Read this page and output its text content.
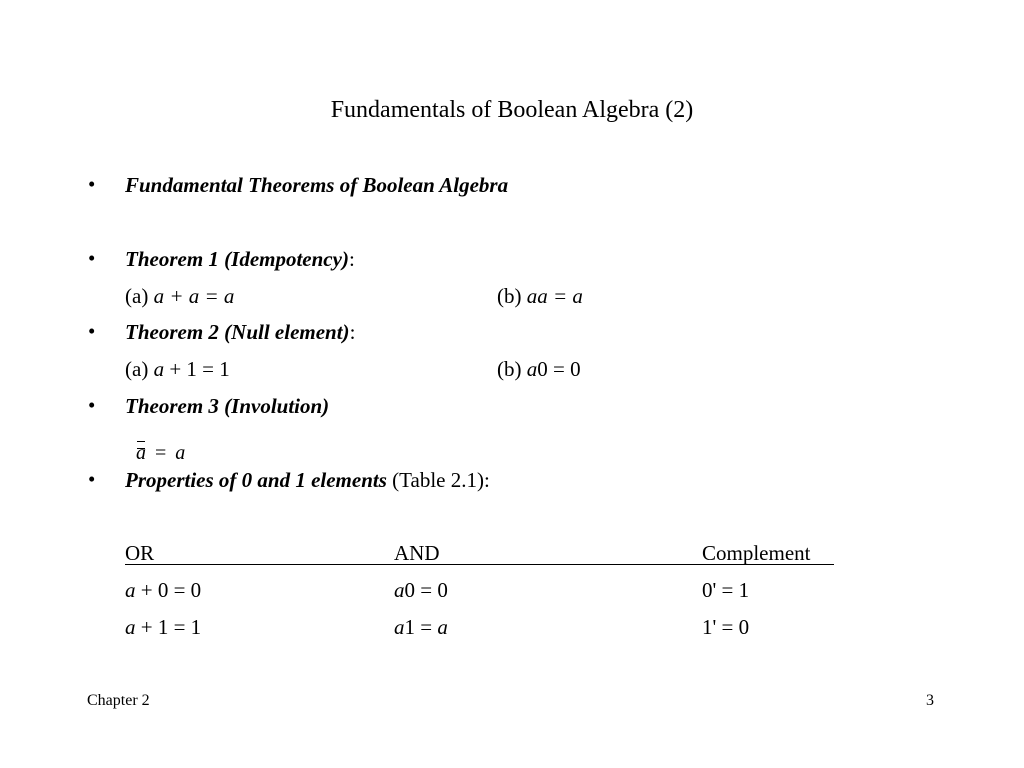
Fundamentals of Boolean Algebra (2)
• Fundamental Theorems of Boolean Algebra
• Theorem 1 (Idempotency):
(a) a + a = a	(b) aa = a
• Theorem 2 (Null element):
(a) a + 1 = 1	(b) a0 = 0
• Theorem 3 (Involution)
a = a
• Properties of 0 and 1 elements (Table 2.1):
OR	AND	Complement
a + 0 = 0	a0 = 0	0' = 1
a + 1 = 1	a1 = a	1' = 0
Chapter 2	3
